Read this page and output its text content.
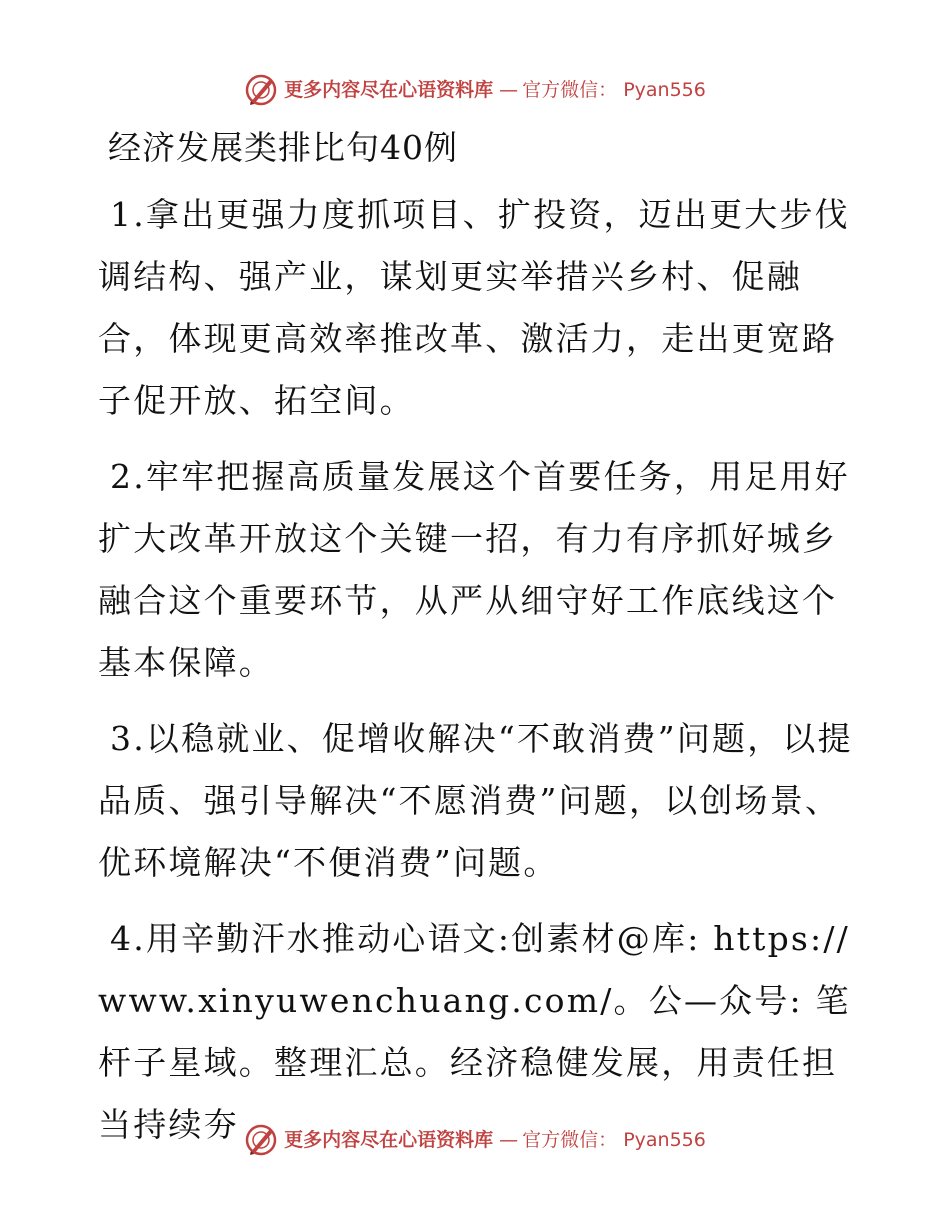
更多内容尽在心语资料库 — 官方微信： Pyan556
经济发展类排比句40例

1.拿出更强力度抓项目、扩投资，迈出更大步伐调结构、强产业，谋划更实举措兴乡村、促融合，体现更高效率推改革、激活力，走出更宽路子促开放、拓空间。

2.牢牢把握高质量发展这个首要任务，用足用好扩大改革开放这个关键一招，有力有序抓好城乡融合这个重要环节，从严从细守好工作底线这个基本保障。

3.以稳就业、促增收解决“不敢消费”问题，以提品质、强引导解决“不愿消费”问题，以创场景、优环境解决“不便消费”问题。

4.用辛勤汗水推动心语文:创素材@库: https://www.xinyuwenchuang.com/。公—众号: 笔杆子星域。整理汇总。经济稳健发展，用责任担当持续夯	更多内容尽在心语资料库 — 官方微信： Pyan556
